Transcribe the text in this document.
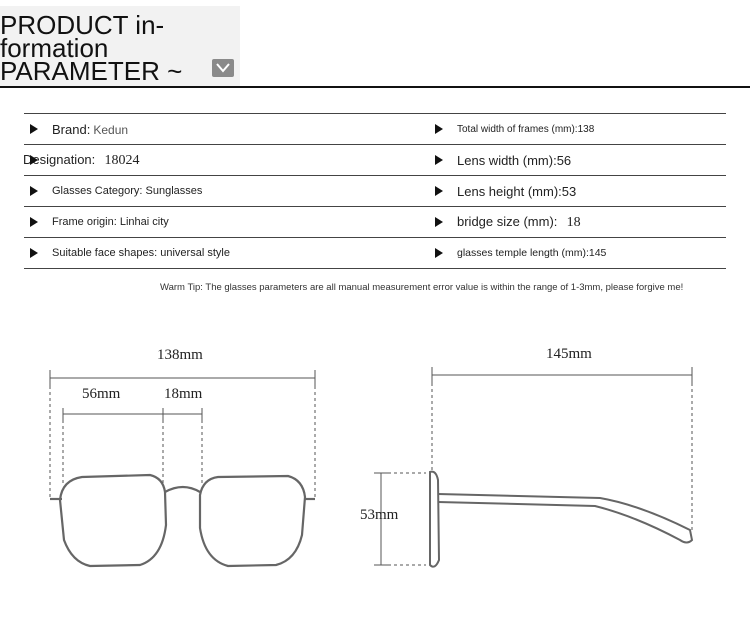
PRODUCT in-
formation
PARAMETER ~
Brand: Kedun	Total width of frames (mm):138

Designation: 18024	Lens width (mm):56

Glasses Category: Sunglasses	Lens height (mm):53

Frame origin: Linhai city	bridge size (mm): 18

Suitable face shapes: universal style	glasses temple length (mm):145
Warm Tip: The glasses parameters are all manual measurement error value is within the range of 1-3mm, please forgive me!
138mm
56mm	18mm
145mm
53mm
